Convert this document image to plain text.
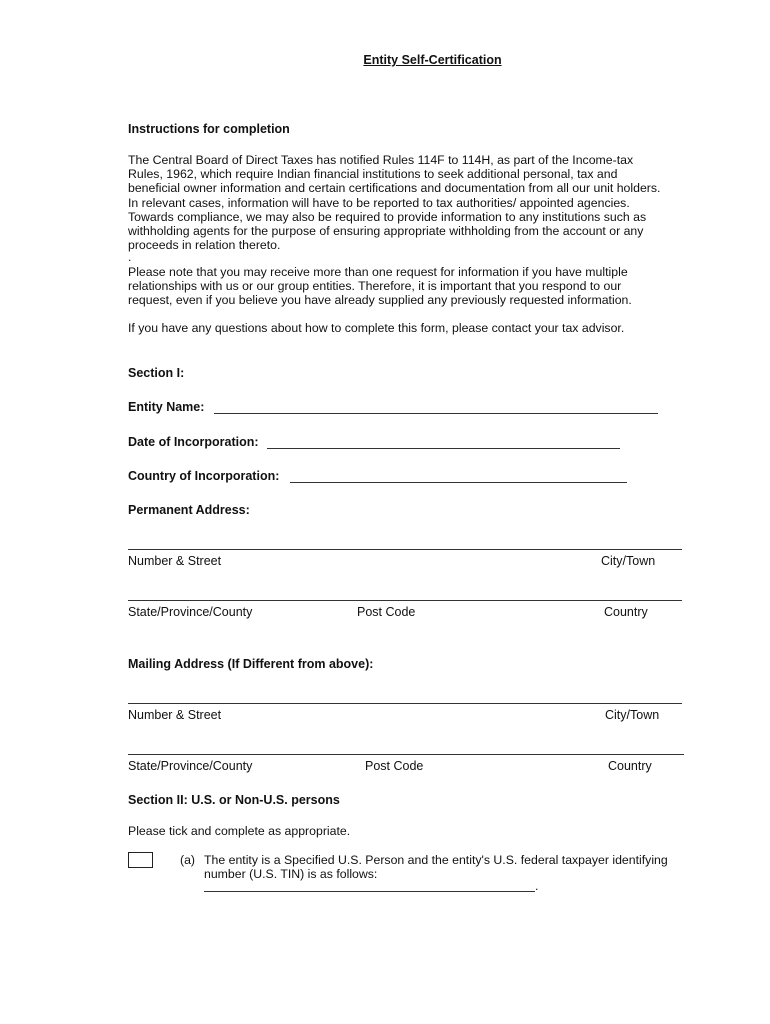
Entity Self-Certification
Instructions for completion
The Central Board of Direct Taxes has notified Rules 114F to 114H, as part of the Income-tax
Rules, 1962, which require Indian financial institutions to seek additional personal, tax and
beneficial owner information and certain certifications and documentation from all our unit holders.
In relevant cases, information will have to be reported to tax authorities/ appointed agencies.
Towards compliance, we may also be required to provide information to any institutions such as
withholding agents for the purpose of ensuring appropriate withholding from the account or any
proceeds in relation thereto.
.
Please note that you may receive more than one request for information if you have multiple
relationships with us or our group entities. Therefore, it is important that you respond to our
request, even if you believe you have already supplied any previously requested information.
If you have any questions about how to complete this form, please contact your tax advisor.
Section I:
Entity Name:
Date of Incorporation:
Country of Incorporation:
Permanent Address:
Number & Street	City/Town
State/Province/County	Post Code	Country
Mailing Address (If Different from above):
Number & Street	City/Town
State/Province/County	Post Code	Country
Section II: U.S. or Non-U.S. persons
Please tick and complete as appropriate.
(a) The entity is a Specified U.S. Person and the entity's U.S. federal taxpayer identifying
number (U.S. TIN) is as follows:
.
